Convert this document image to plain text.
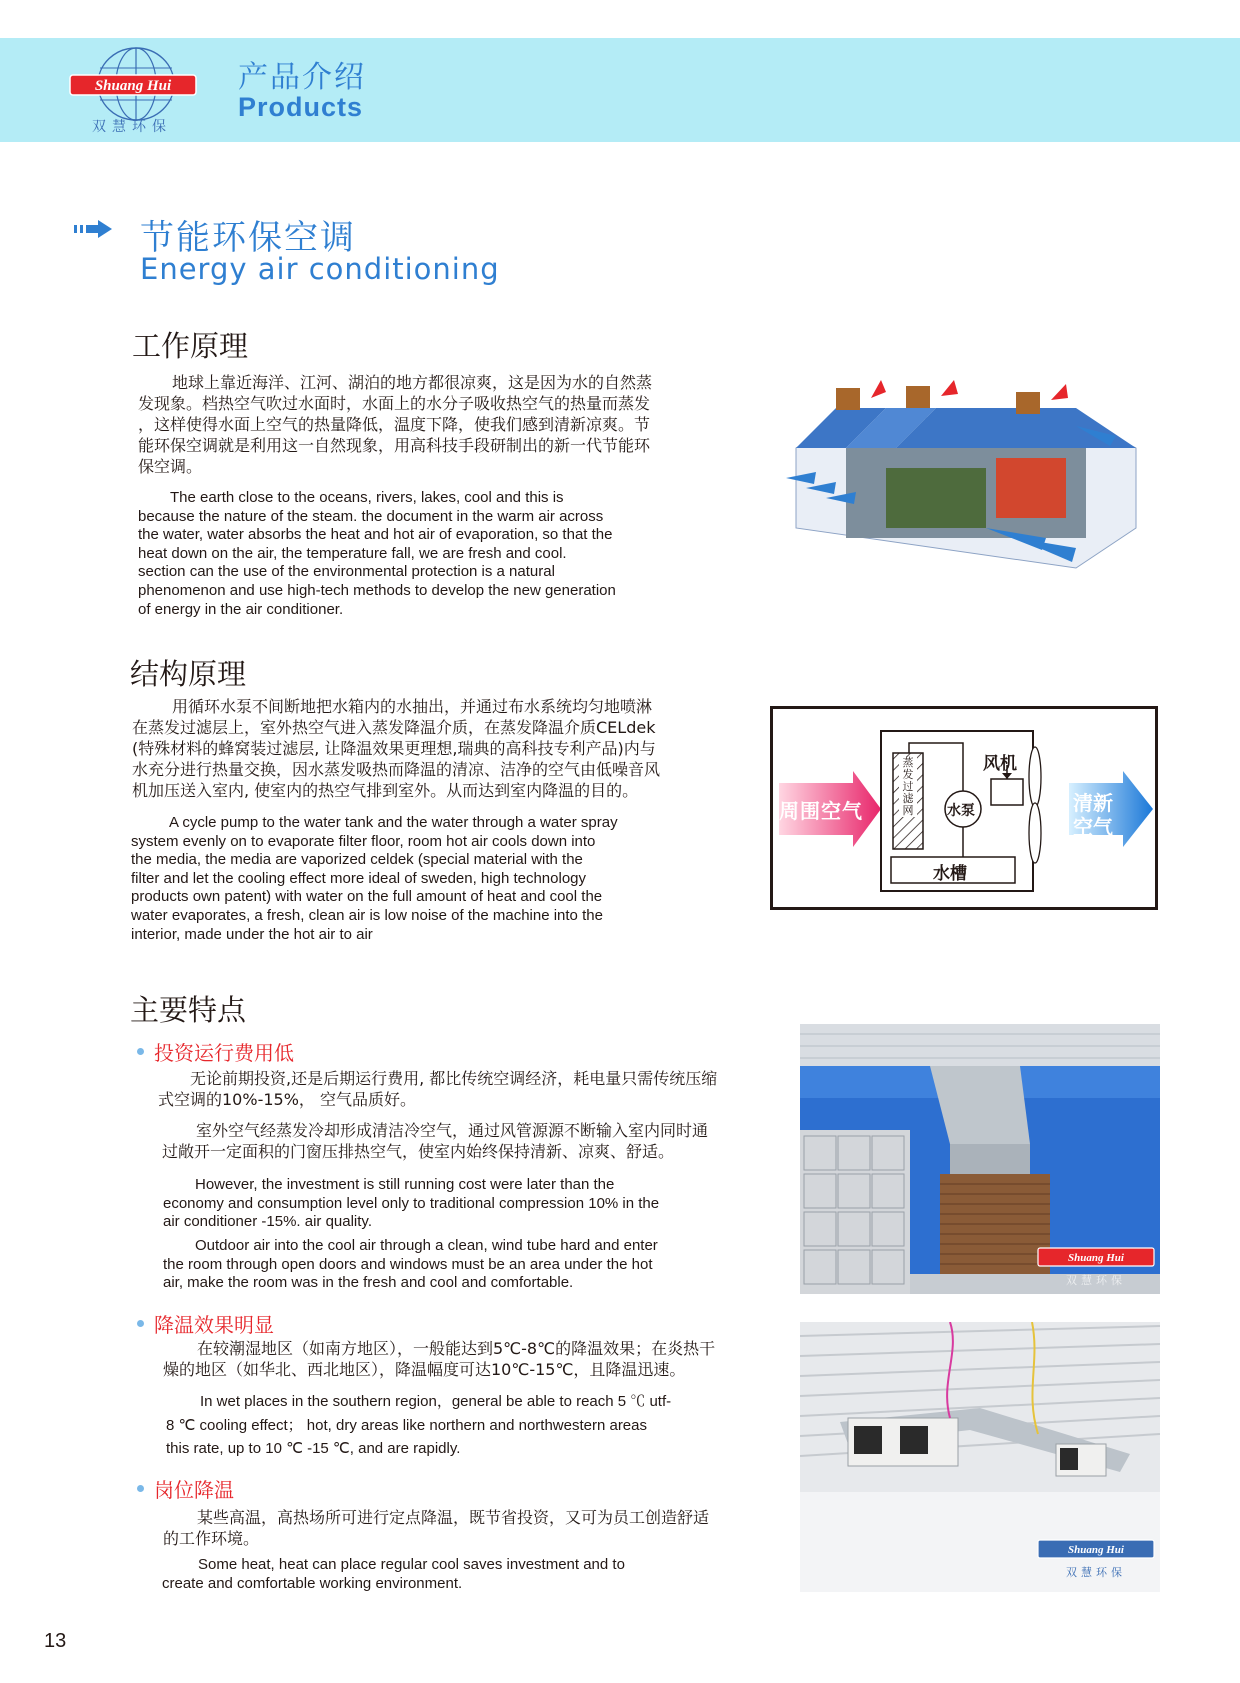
Shuang Hui
双慧环保
产品介绍
Products
节能环保空调
Energy air conditioning
工作原理
地球上靠近海洋、江河、湖泊的地方都很凉爽，这是因为水的自然蒸
发现象。档热空气吹过水面时，水面上的水分子吸收热空气的热量而蒸发
，这样使得水面上空气的热量降低，温度下降，使我们感到清新凉爽。节
能环保空调就是利用这一自然现象，用高科技手段研制出的新一代节能环
保空调。
The earth close to the oceans, rivers, lakes, cool and this is
because the nature of the steam. the document in the warm air across
the water, water absorbs the heat and hot air of evaporation, so that the
heat down on the air, the temperature fall, we are fresh and cool.
section can the use of the environmental protection is a natural
phenomenon and use high-tech methods to develop the new generation
of energy in the air conditioner.
结构原理
用循环水泵不间断地把水箱内的水抽出，并通过布水系统均匀地喷淋
在蒸发过滤层上，室外热空气进入蒸发降温介质，在蒸发降温介质CELdek
(特殊材料的蜂窝装过滤层, 让降温效果更理想,瑞典的高科技专利产品)内与
水充分进行热量交换，因水蒸发吸热而降温的清凉、洁净的空气由低噪音风
机加压送入室内, 使室内的热空气排到室外。从而达到室内降温的目的。
A cycle pump to the water tank and the water through a water spray
system evenly on to evaporate filter floor, room hot air cools down into
the media, the media are vaporized celdek (special material with the
filter and let the cooling effect more ideal of sweden, high technology
products own patent) with water on the full amount of heat and cool the
water evaporates, a fresh, clean air is low noise of the machine into the
interior, made under the hot air to air
周围空气	清新
空气
蒸发过滤网
风机
水泵
水槽
主要特点
投资运行费用低
无论前期投资,还是后期运行费用, 都比传统空调经济，耗电量只需传统压缩
式空调的10%-15%， 空气品质好。
室外空气经蒸发冷却形成清洁冷空气，通过风管源源不断输入室内同时通
过敞开一定面积的门窗压排热空气，使室内始终保持清新、凉爽、舒适。
However, the investment is still running cost were later than the
economy and consumption level only to traditional compression 10% in the
air conditioner -15%. air quality.
Outdoor air into the cool air through a clean, wind tube hard and enter
the room through open doors and windows must be an area under the hot
air, make the room was in the fresh and cool and comfortable.
降温效果明显
在较潮湿地区（如南方地区），一般能达到5℃-8℃的降温效果；在炎热干
燥的地区（如华北、西北地区），降温幅度可达10℃-15℃，且降温迅速。
In wet places in the southern region，general be able to reach 5 ℃ utf-
8 ℃ cooling effect； hot, dry areas like northern and northwestern areas
this rate, up to 10 ℃ -15 ℃, and are rapidly.
岗位降温
某些高温，高热场所可进行定点降温，既节省投资，又可为员工创造舒适
的工作环境。
Some heat, heat can place regular cool saves investment and to
create and comfortable working environment.
Shuang Hui
双慧环保
Shuang Hui
双慧环保
13
